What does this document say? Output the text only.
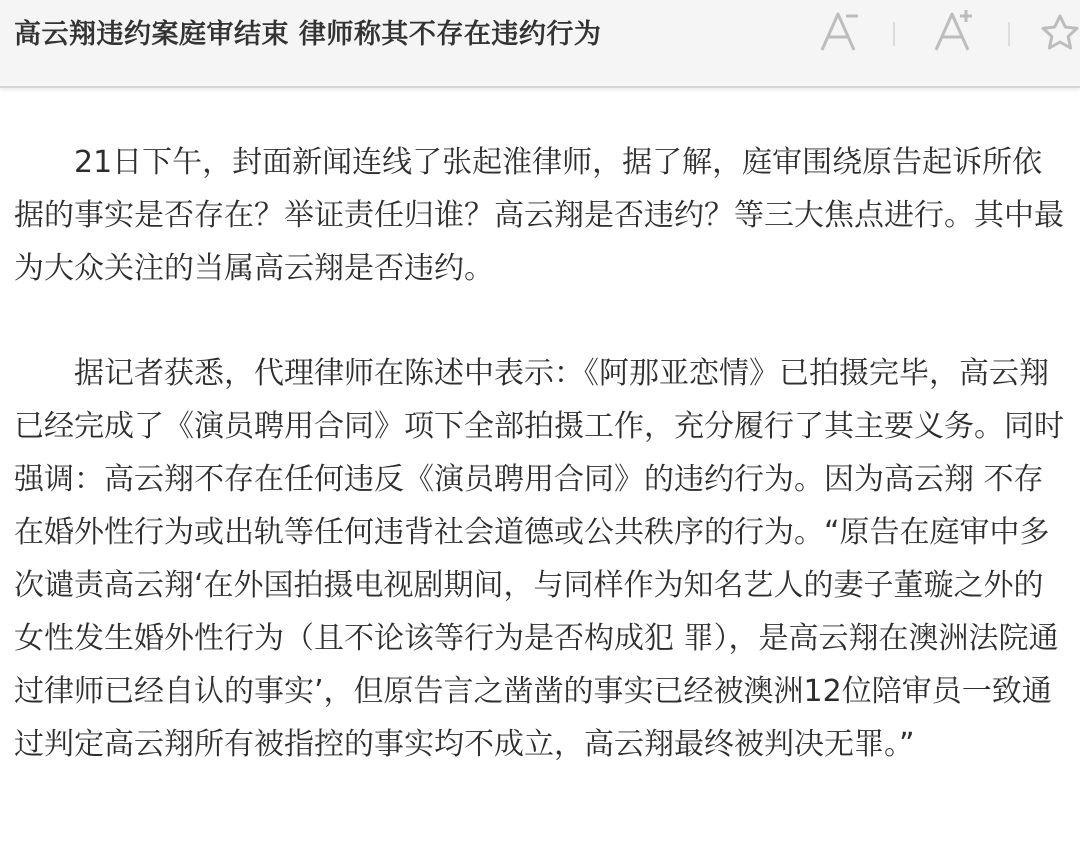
高云翔违约案庭审结束 律师称其不存在违约行为

21日下午，封面新闻连线了张起淮律师，据了解，庭审围绕原告起诉所依据的事实是否存在？举证责任归谁？高云翔是否违约？等三大焦点进行。其中最为大众关注的当属高云翔是否违约。

据记者获悉，代理律师在陈述中表示：《阿那亚恋情》已拍摄完毕，高云翔已经完成了《演员聘用合同》项下全部拍摄工作，充分履行了其主要义务。同时强调：高云翔不存在任何违反《演员聘用合同》的违约行为。因为高云翔 不存在婚外性行为或出轨等任何违背社会道德或公共秩序的行为。“原告在庭审中多次谴责高云翔‘在外国拍摄电视剧期间，与同样作为知名艺人的妻子董璇之外的女性发生婚外性行为（且不论该等行为是否构成犯 罪），是高云翔在澳洲法院通过律师已经自认的事实’，但原告言之凿凿的事实已经被澳洲12位陪审员一致通过判定高云翔所有被指控的事实均不成立，高云翔最终被判决无罪。”
